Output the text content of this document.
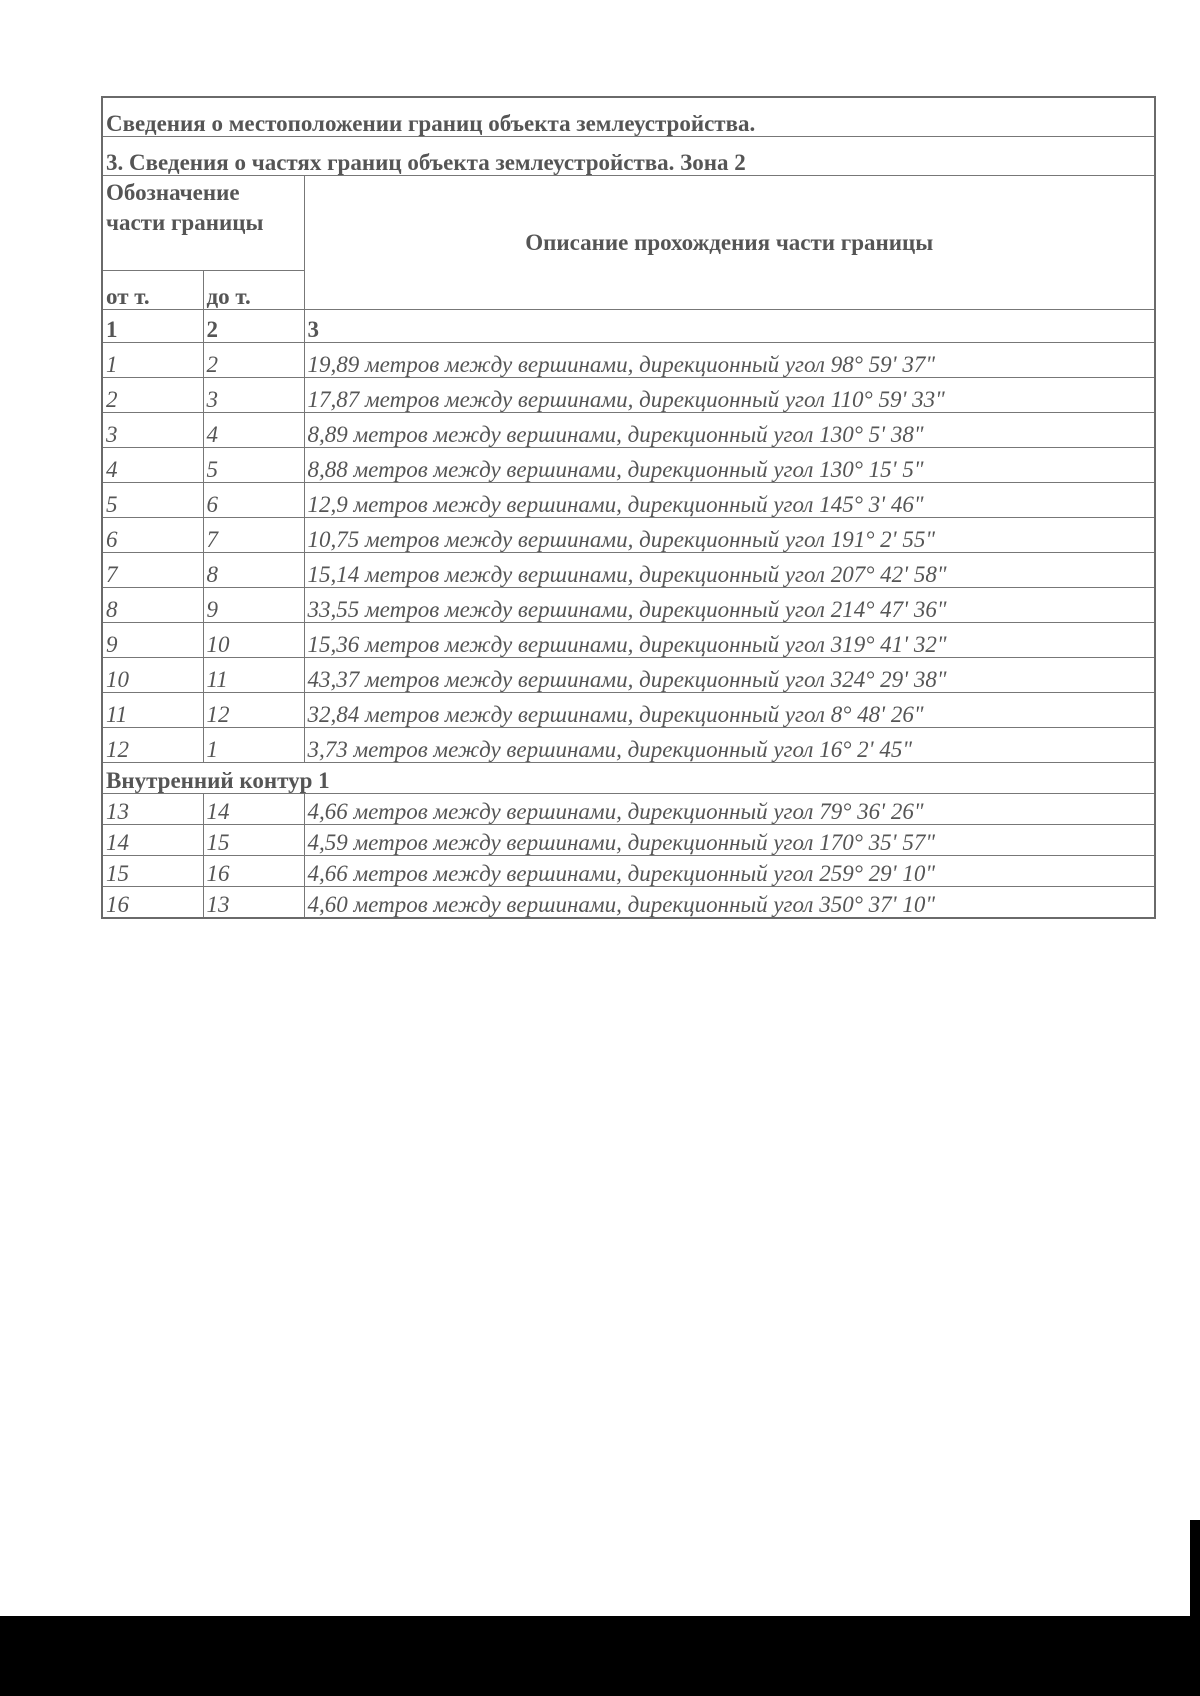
Сведения о местоположении границ объекта землеустройства.		
3. Сведения о частях границ объекта землеустройства. Зона 2		
Обозначение части границы		Описание прохождения части границы
от т.	до т.	
1	2	3
1	2	19,89 метров между вершинами, дирекционный угол 98° 59' 37"
2	3	17,87 метров между вершинами, дирекционный угол 110° 59' 33"
3	4	8,89 метров между вершинами, дирекционный угол 130° 5' 38"
4	5	8,88 метров между вершинами, дирекционный угол 130° 15' 5"
5	6	12,9 метров между вершинами, дирекционный угол 145° 3' 46"
6	7	10,75 метров между вершинами, дирекционный угол 191° 2' 55"
7	8	15,14 метров между вершинами, дирекционный угол 207° 42' 58"
8	9	33,55 метров между вершинами, дирекционный угол 214° 47' 36"
9	10	15,36 метров между вершинами, дирекционный угол 319° 41' 32"
10	11	43,37 метров между вершинами, дирекционный угол 324° 29' 38"
11	12	32,84 метров между вершинами, дирекционный угол 8° 48' 26"
12	1	3,73 метров между вершинами, дирекционный угол 16° 2' 45"
Внутренний контур 1		
13	14	4,66 метров между вершинами, дирекционный угол 79° 36' 26"
14	15	4,59 метров между вершинами, дирекционный угол 170° 35' 57"
15	16	4,66 метров между вершинами, дирекционный угол 259° 29' 10"
16	13	4,60 метров между вершинами, дирекционный угол 350° 37' 10"
